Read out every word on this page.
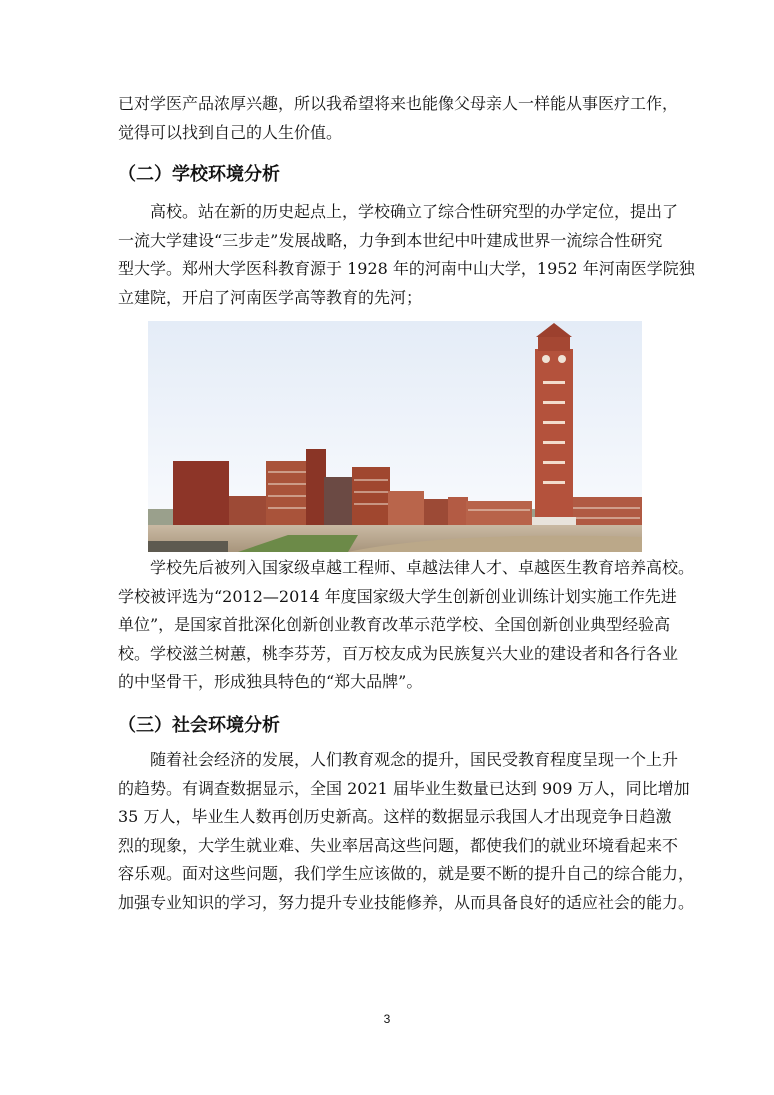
已对学医产品浓厚兴趣，所以我希望将来也能像父母亲人一样能从事医疗工作，
觉得可以找到自己的人生价值。

（二）学校环境分析

　　高校。站在新的历史起点上，学校确立了综合性研究型的办学定位，提出了
一流大学建设“三步走”发展战略，力争到本世纪中叶建成世界一流综合性研究
型大学。郑州大学医科教育源于 1928 年的河南中山大学，1952 年河南医学院独
立建院，开启了河南医学高等教育的先河；

　　学校先后被列入国家级卓越工程师、卓越法律人才、卓越医生教育培养高校。
学校被评选为“2012—2014 年度国家级大学生创新创业训练计划实施工作先进
单位”，是国家首批深化创新创业教育改革示范学校、全国创新创业典型经验高
校。学校滋兰树蕙，桃李芬芳，百万校友成为民族复兴大业的建设者和各行各业
的中坚骨干，形成独具特色的“郑大品牌”。

（三）社会环境分析

　　随着社会经济的发展，人们教育观念的提升，国民受教育程度呈现一个上升
的趋势。有调查数据显示，全国 2021 届毕业生数量已达到 909 万人，同比增加
35 万人，毕业生人数再创历史新高。这样的数据显示我国人才出现竞争日趋激
烈的现象，大学生就业难、失业率居高这些问题，都使我们的就业环境看起来不
容乐观。面对这些问题，我们学生应该做的，就是要不断的提升自己的综合能力，
加强专业知识的学习，努力提升专业技能修养，从而具备良好的适应社会的能力。

3
